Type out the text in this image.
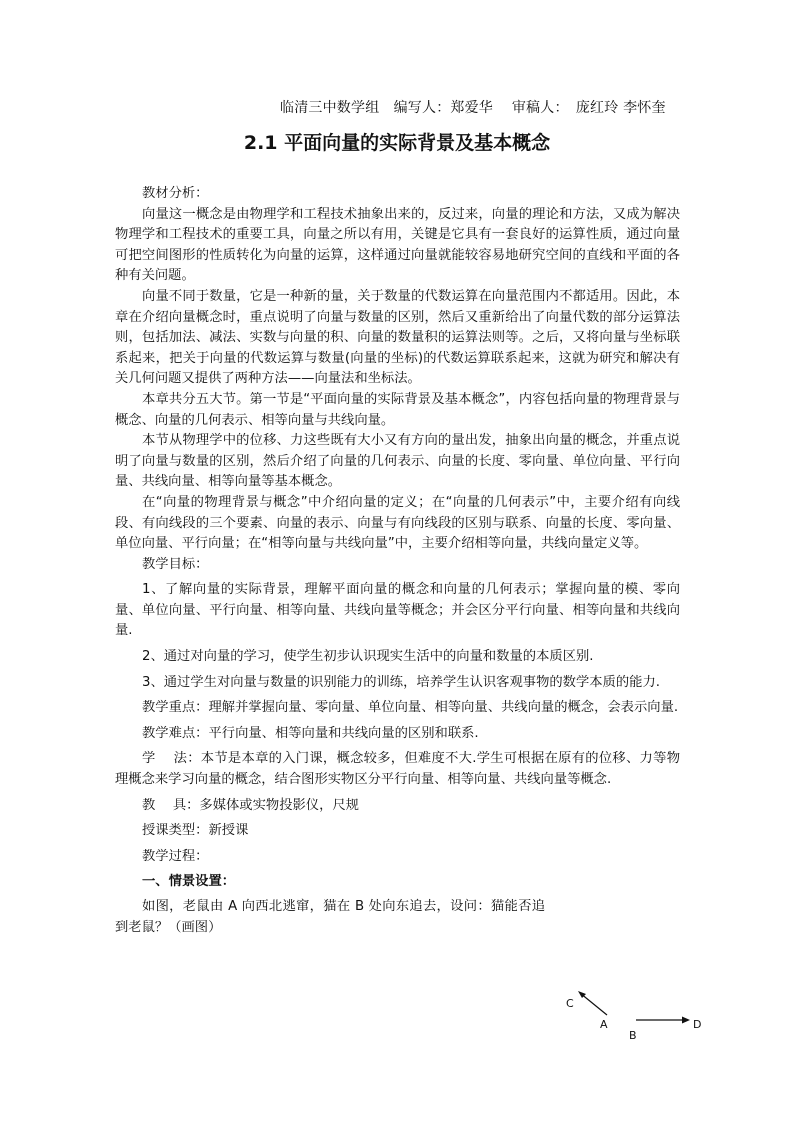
临清三中数学组　编写人：郑爱华　 审稿人：　庞红玲 李怀奎
2.1 平面向量的实际背景及基本概念

教材分析：

向量这一概念是由物理学和工程技术抽象出来的，反过来，向量的理论和方法，又成为解决物理学和工程技术的重要工具，向量之所以有用，关键是它具有一套良好的运算性质，通过向量可把空间图形的性质转化为向量的运算，这样通过向量就能较容易地研究空间的直线和平面的各种有关问题。

向量不同于数量，它是一种新的量，关于数量的代数运算在向量范围内不都适用。因此，本章在介绍向量概念时，重点说明了向量与数量的区别，然后又重新给出了向量代数的部分运算法则，包括加法、减法、实数与向量的积、向量的数量积的运算法则等。之后，又将向量与坐标联系起来，把关于向量的代数运算与数量(向量的坐标)的代数运算联系起来，这就为研究和解决有关几何问题又提供了两种方法——向量法和坐标法。

本章共分五大节。第一节是“平面向量的实际背景及基本概念”，内容包括向量的物理背景与概念、向量的几何表示、相等向量与共线向量。

本节从物理学中的位移、力这些既有大小又有方向的量出发，抽象出向量的概念，并重点说明了向量与数量的区别，然后介绍了向量的几何表示、向量的长度、零向量、单位向量、平行向量、共线向量、相等向量等基本概念。

在“向量的物理背景与概念”中介绍向量的定义；在“向量的几何表示”中，主要介绍有向线段、有向线段的三个要素、向量的表示、向量与有向线段的区别与联系、向量的长度、零向量、单位向量、平行向量；在“相等向量与共线向量”中，主要介绍相等向量，共线向量定义等。

教学目标：

1、了解向量的实际背景，理解平面向量的概念和向量的几何表示；掌握向量的模、零向量、单位向量、平行向量、相等向量、共线向量等概念；并会区分平行向量、相等向量和共线向量.

2、通过对向量的学习，使学生初步认识现实生活中的向量和数量的本质区别.

3、通过学生对向量与数量的识别能力的训练，培养学生认识客观事物的数学本质的能力.

教学重点：理解并掌握向量、零向量、单位向量、相等向量、共线向量的概念，会表示向量.

教学难点：平行向量、相等向量和共线向量的区别和联系.

学　 法：本节是本章的入门课，概念较多，但难度不大.学生可根据在原有的位移、力等物理概念来学习向量的概念，结合图形实物区分平行向量、相等向量、共线向量等概念.

教　 具：多媒体或实物投影仪，尺规

授课类型：新授课

教学过程：

一、情景设置：

如图，老鼠由 A 向西北逃窜，猫在 B 处向东追去，设问：猫能否追到老鼠？（画图）

C
A
B
D
